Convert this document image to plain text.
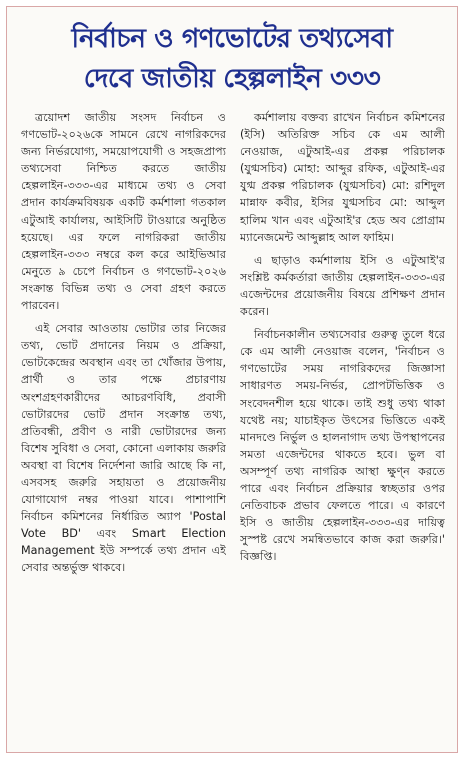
নির্বাচন ও গণভোটের তথ্যসেবা
দেবে জাতীয় হেল্পলাইন ৩৩৩

ত্রয়োদশ জাতীয় সংসদ নির্বাচন ও গণভোট-২০২৬কে সামনে রেখে নাগরিকদের জন্য নির্ভরযোগ্য, সময়োপযোগী ও সহজপ্রাপ্য তথ্যসেবা নিশ্চিত করতে জাতীয় হেল্পলাইন-৩৩৩-এর মাধ্যমে তথ্য ও সেবা প্রদান কার্যক্রমবিষয়ক একটি কর্মশালা গতকাল এটুআই কার্যালয়, আইসিটি টাওয়ারে অনুষ্ঠিত হয়েছে। এর ফলে নাগরিকরা জাতীয় হেল্পলাইন-৩৩৩ নম্বরে কল করে আইভিআর মেনুতে ৯ চেপে নির্বাচন ও গণভোট-২০২৬ সংক্রান্ত বিভিন্ন তথ্য ও সেবা গ্রহণ করতে পারবেন।

এই সেবার আওতায় ভোটার তার নিজের তথ্য, ভোট প্রদানের নিয়ম ও প্রক্রিয়া, ভোটকেন্দ্রের অবস্থান এবং তা খোঁজার উপায়, প্রার্থী ও তার পক্ষে প্রচারণায় অংশগ্রহণকারীদের আচরণবিধি, প্রবাসী ভোটারদের ভোট প্রদান সংক্রান্ত তথ্য, প্রতিবন্ধী, প্রবীণ ও নারী ভোটারদের জন্য বিশেষ সুবিধা ও সেবা, কোনো এলাকায় জরুরি অবস্থা বা বিশেষ নির্দেশনা জারি আছে কি না, এসবসহ জরুরি সহায়তা ও প্রয়োজনীয় যোগাযোগ নম্বর পাওয়া যাবে। পাশাপাশি নির্বাচন কমিশনের নির্ধারিত অ্যাপ 'Postal Vote BD' এবং Smart Election Management ইউ সম্পর্কে তথ্য প্রদান এই সেবার অন্তর্ভুক্ত থাকবে।

কর্মশালায় বক্তব্য রাখেন নির্বাচন কমিশনের (ইসি) অতিরিক্ত সচিব কে এম আলী নেওয়াজ, এটুআই-এর প্রকল্প পরিচালক (যুগ্মসচিব) মোহা: আব্দুর রফিক, এটুআই-এর যুগ্ম প্রকল্প পরিচালক (যুগ্মসচিব) মো: রশিদুল মান্নাফ কবীর, ইসির যুগ্মসচিব মো: আব্দুল হালিম খান এবং এটুআই'র হেড অব প্রোগ্রাম ম্যানেজমেন্ট আব্দুল্লাহ আল ফাহিম।

এ ছাড়াও কর্মশালায় ইসি ও এটুআই'র সংশ্লিষ্ট কর্মকর্তারা জাতীয় হেল্পলাইন-৩৩৩-এর এজেন্টদের প্রয়োজনীয় বিষয়ে প্রশিক্ষণ প্রদান করেন।

নির্বাচনকালীন তথ্যসেবার গুরুত্ব তুলে ধরে কে এম আলী নেওয়াজ বলেন, 'নির্বাচন ও গণভোটের সময় নাগরিকদের জিজ্ঞাসা সাধারণত সময়-নির্ভর, প্রোপটভিত্তিক ও সংবেদনশীল হয়ে থাকে। তাই শুধু তথ্য থাকা যথেষ্ট নয়; যাচাইকৃত উৎসের ভিত্তিতে একই মানদণ্ডে নির্ভুল ও হালনাগাদ তথ্য উপস্থাপনের সমতা এজেন্টদের থাকতে হবে। ভুল বা অসম্পূর্ণ তথ্য নাগরিক আস্থা ক্ষুণ্ন করতে পারে এবং নির্বাচন প্রক্রিয়ার স্বচ্ছতার ওপর নেতিবাচক প্রভাব ফেলতে পারে। এ কারণে ইসি ও জাতীয় হেল্পলাইন-৩৩৩-এর দায়িত্ব সুস্পষ্ট রেখে সমন্বিতভাবে কাজ করা জরুরি।' বিজ্ঞপ্তি।
